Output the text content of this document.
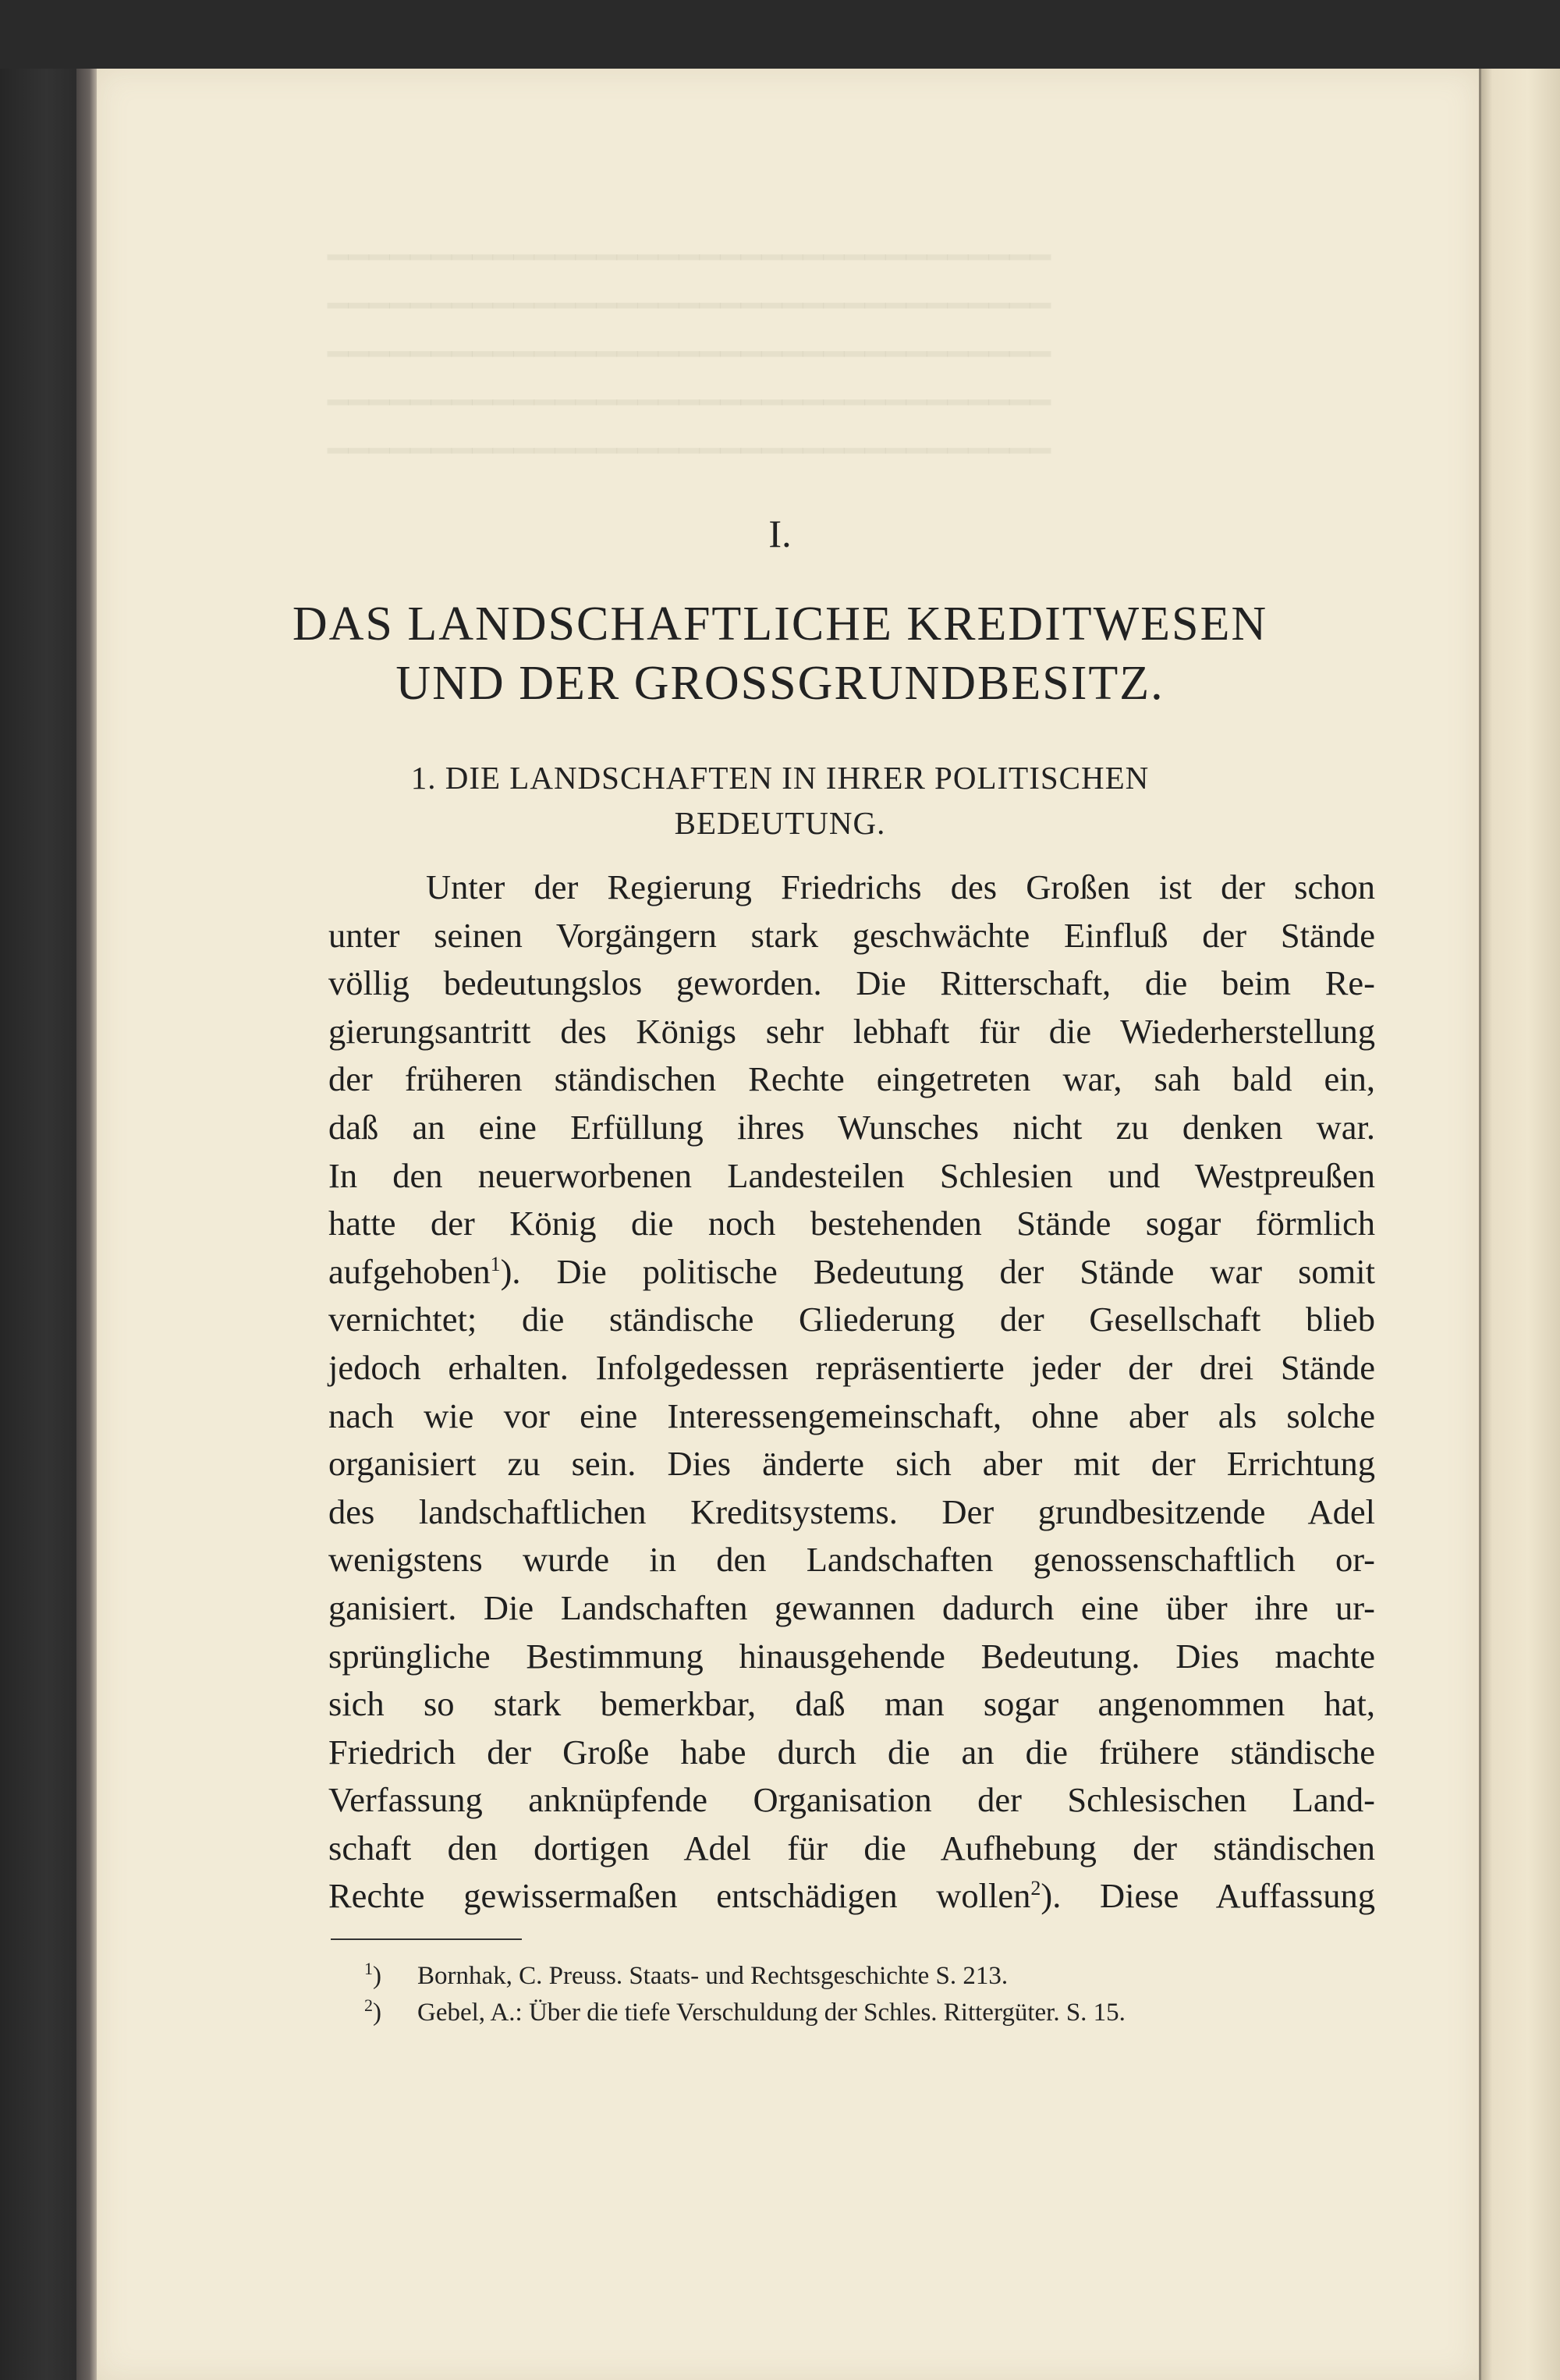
━━━━━━━━━━━━━━━━━━━━━━━━━━━━━━━━━━━
━━━━━━━━━━━━━━━━━━━━━━━━━━━━━━━━━━━
━━━━━━━━━━━━━━━━━━━━━━━━━━━━━━━━━━━
━━━━━━━━━━━━━━━━━━━━━━━━━━━━━━━━━━━
━━━━━━━━━━━━━━━━━━━━━━━━━━━━━━━━━━━
I.
DAS LANDSCHAFTLICHE KREDITWESEN
UND DER GROSSGRUNDBESITZ.
1. DIE LANDSCHAFTEN IN IHRER POLITISCHEN
BEDEUTUNG.
Unter der Regierung Friedrichs des Großen ist der schon
unter seinen Vorgängern stark geschwächte Einfluß der Stände
völlig bedeutungslos geworden. Die Ritterschaft, die beim Re-
gierungsantritt des Königs sehr lebhaft für die Wiederherstellung
der früheren ständischen Rechte eingetreten war, sah bald ein,
daß an eine Erfüllung ihres Wunsches nicht zu denken war.
In den neuerworbenen Landesteilen Schlesien und Westpreußen
hatte der König die noch bestehenden Stände sogar förmlich
aufgehoben$^1$). Die politische Bedeutung der Stände war somit
vernichtet; die ständische Gliederung der Gesellschaft blieb
jedoch erhalten. Infolgedessen repräsentierte jeder der drei Stände
nach wie vor eine Interessengemeinschaft, ohne aber als solche
organisiert zu sein. Dies änderte sich aber mit der Errichtung
des landschaftlichen Kreditsystems. Der grundbesitzende Adel
wenigstens wurde in den Landschaften genossenschaftlich or-
ganisiert. Die Landschaften gewannen dadurch eine über ihre ur-
sprüngliche Bestimmung hinausgehende Bedeutung. Dies machte
sich so stark bemerkbar, daß man sogar angenommen hat,
Friedrich der Große habe durch die an die frühere ständische
Verfassung anknüpfende Organisation der Schlesischen Land-
schaft den dortigen Adel für die Aufhebung der ständischen
Rechte gewissermaßen entschädigen wollen$^2$). Diese Auffassung
$^1$) Bornhak, C. Preuss. Staats- und Rechtsgeschichte S. 213.
$^2$) Gebel, A.: Über die tiefe Verschuldung der Schles. Rittergüter. S. 15.
